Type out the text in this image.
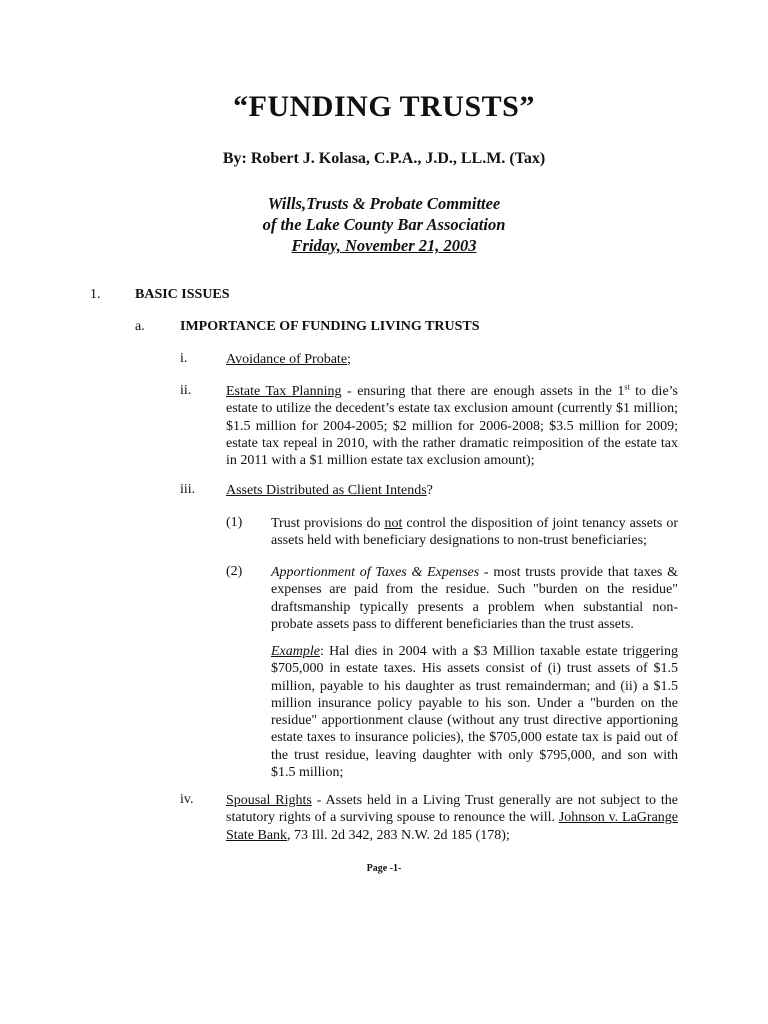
“FUNDING TRUSTS”
By: Robert J. Kolasa, C.P.A., J.D., LL.M. (Tax)
Wills,Trusts & Probate Committee
of the Lake County Bar Association
Friday, November 21, 2003
1. BASIC ISSUES
a.	IMPORTANCE OF FUNDING LIVING TRUSTS
i.	Avoidance of Probate;
ii. Estate Tax Planning - ensuring that there are enough assets in the 1st to die’s estate to utilize the decedent’s estate tax exclusion amount (currently $1 million; $1.5 million for 2004-2005; $2 million for 2006-2008; $3.5 million for 2009; estate tax repeal in 2010, with the rather dramatic reimposition of the estate tax in 2011 with a $1 million estate tax exclusion amount);
iii. Assets Distributed as Client Intends?
(1) Trust provisions do not control the disposition of joint tenancy assets or assets held with beneficiary designations to non-trust beneficiaries;
(2) Apportionment of Taxes & Expenses - most trusts provide that taxes & expenses are paid from the residue. Such "burden on the residue" draftsmanship typically presents a problem when substantial non-probate assets pass to different beneficiaries than the trust assets.
Example: Hal dies in 2004 with a $3 Million taxable estate triggering $705,000 in estate taxes. His assets consist of (i) trust assets of $1.5 million, payable to his daughter as trust remainderman; and (ii) a $1.5 million insurance policy payable to his son. Under a "burden on the residue" apportionment clause (without any trust directive apportioning estate taxes to insurance policies), the $705,000 estate tax is paid out of the trust residue, leaving daughter with only $795,000, and son with $1.5 million;
iv. Spousal Rights - Assets held in a Living Trust generally are not subject to the statutory rights of a surviving spouse to renounce the will. Johnson v. LaGrange State Bank, 73 Ill. 2d 342, 283 N.W. 2d 185 (178);
Page -1-
